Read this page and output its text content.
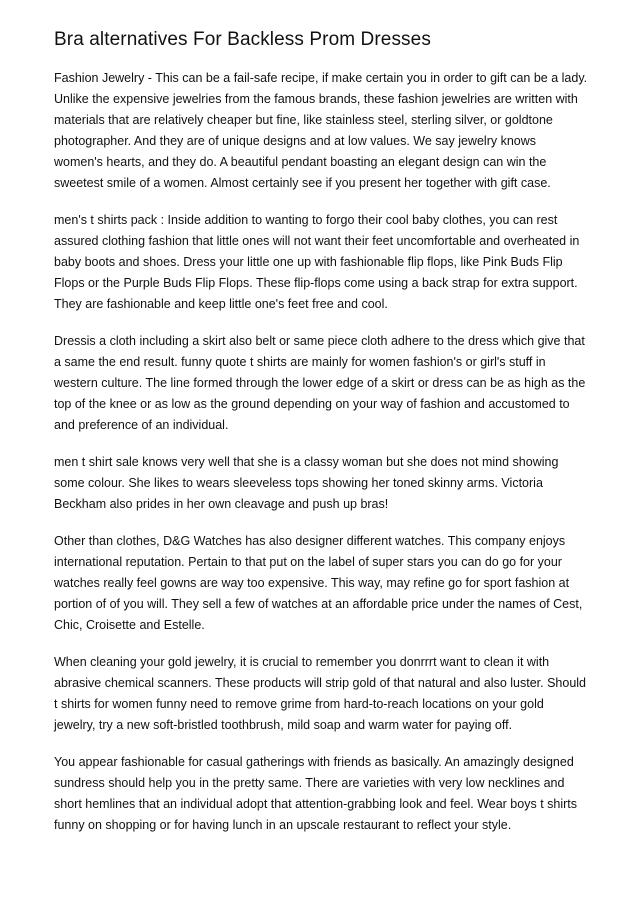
Bra alternatives For Backless Prom Dresses

Fashion Jewelry - This can be a fail-safe recipe, if make certain you in order to gift can be a lady. Unlike the expensive jewelries from the famous brands, these fashion jewelries are written with materials that are relatively cheaper but fine, like stainless steel, sterling silver, or goldtone photographer. And they are of unique designs and at low values. We say jewelry knows women's hearts, and they do. A beautiful pendant boasting an elegant design can win the sweetest smile of a women. Almost certainly see if you present her together with gift case.

men's t shirts pack : Inside addition to wanting to forgo their cool baby clothes, you can rest assured clothing fashion that little ones will not want their feet uncomfortable and overheated in baby boots and shoes. Dress your little one up with fashionable flip flops, like Pink Buds Flip Flops or the Purple Buds Flip Flops. These flip-flops come using a back strap for extra support. They are fashionable and keep little one's feet free and cool.

Dressis a cloth including a skirt also belt or same piece cloth adhere to the dress which give that a same the end result. funny quote t shirts are mainly for women fashion's or girl's stuff in western culture. The line formed through the lower edge of a skirt or dress can be as high as the top of the knee or as low as the ground depending on your way of fashion and accustomed to and preference of an individual.

men t shirt sale knows very well that she is a classy woman but she does not mind showing some colour. She likes to wears sleeveless tops showing her toned skinny arms. Victoria Beckham also prides in her own cleavage and push up bras!

Other than clothes, D&G Watches has also designer different watches. This company enjoys international reputation. Pertain to that put on the label of super stars you can do go for your watches really feel gowns are way too expensive. This way, may refine go for sport fashion at portion of of you will. They sell a few of watches at an affordable price under the names of Cest, Chic, Croisette and Estelle.

When cleaning your gold jewelry, it is crucial to remember you donrrrt want to clean it with abrasive chemical scanners. These products will strip gold of that natural and also luster. Should t shirts for women funny need to remove grime from hard-to-reach locations on your gold jewelry, try a new soft-bristled toothbrush, mild soap and warm water for paying off.

You appear fashionable for casual gatherings with friends as basically. An amazingly designed sundress should help you in the pretty same. There are varieties with very low necklines and short hemlines that an individual adopt that attention-grabbing look and feel. Wear boys t shirts funny on shopping or for having lunch in an upscale restaurant to reflect your style.
